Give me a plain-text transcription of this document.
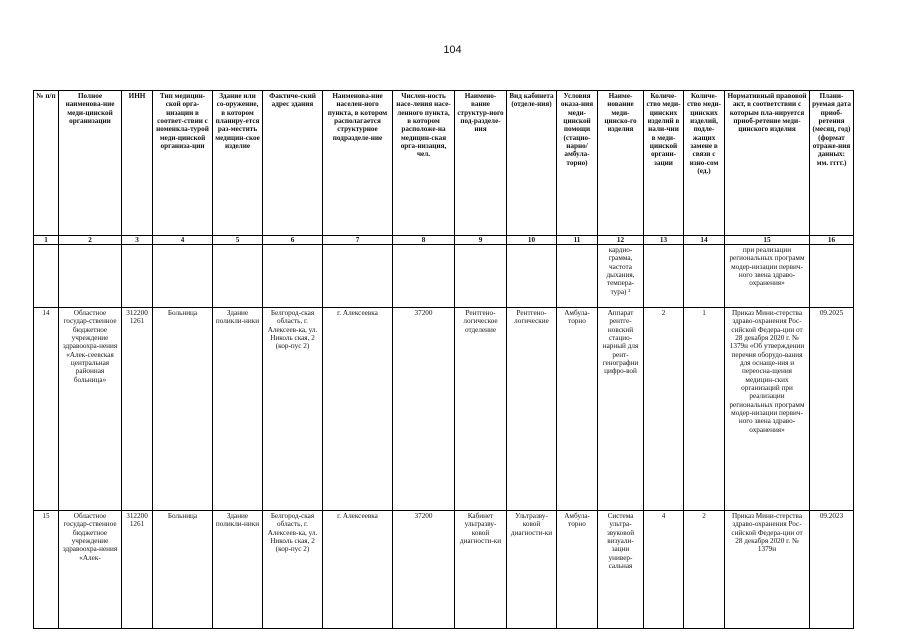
104
№ п/п	Полное наименова-ние меди-цинской организации	ИНН	Тип медицин-ской орга-низации в соответ-ствии с номенкла-турой меди-цинской организа-ции	Здание или со-оружение, в котором планиру-ется раз-местить медицин-ское изделие	Фактиче-ский адрес здания	Наименова-ние населен-ного пункта, в котором располагается структурное подразделе-ние	Числен-ность насе-ления насе-ленного пункта, в котором расположе-на медицин-ская орга-низация, чел.	Наимено-вание структур-ного под-разделе-ния	Вид кабинета (отделе-ния)	Условия оказа-ния меди-цинской помощи (стацио-нарно/ амбула-торно)	Наиме-нование меди-цинско-го изделия	Количе-ство меди-цинских изделий в нали-чии в меди-цинской органи-зации	Количе-ство меди-цинских изделий, подле-жащих замене в связи с изно-сом (ед.)	Нормативный правовой акт, в соответствии с которым пла-нируется приоб-ретение меди-цинского изделия	Плани-руемая дата приоб-ретения (месяц, год) (формат отраже-ния данных: мм. гггг.)
1	2	3	4	5	6	7	8	9	10	11	12	13	14	15	16
											кардио-грамма, частота дыхания, темпера-тура) ²			при реализации региональных программ модер-низации первич-ного звена здраво-охранения»	
14	Областное государ-ственное бюджетное учреждение здравоохра-нения «Алек-сеевская центральная районная больница»	312200 1261	Больница	Здание поликли-ники	Белгород-ская область, г. Алексеев-ка, ул. Николь ская, 2 (кор-пус 2)	г. Алексеевка	37200	Рентгено-логическое отделение	Рентгено-логические	Амбула-торно	Аппарат рентге-новский стацио-нарный для рент-генографии цифро-вой	2	1	Приказ Мини-стерства здраво-охранения Рос-сийской Федера-ции от 28 декабря 2020 г. № 1379н «Об утверждении перечня оборудо-вания для оснаще-ния и переосна-щения медицин-ских организаций при реализации региональных программ модер-низации первич-ного звена здраво-охранения»	09.2025
15	Областное государ-ственное бюджетное учреждение здравоохра-нения «Алек-	312200 1261	Больница	Здание поликли-ники	Белгород-ская область, г. Алексеев-ка, ул. Николь ская, 2 (кор-пус 2)	г. Алексеевка	37200	Кабинет ультразву-ковой диагности-ки	Ультразву-ковой диагности-ки	Амбула-торно	Система ультра-звуковой визуали-зации универ-сальная	4	2	Приказ Мини-стерства здраво-охранения Рос-сийской Федера-ции от 28 декабря 2020 г. № 1379н	09.2023
